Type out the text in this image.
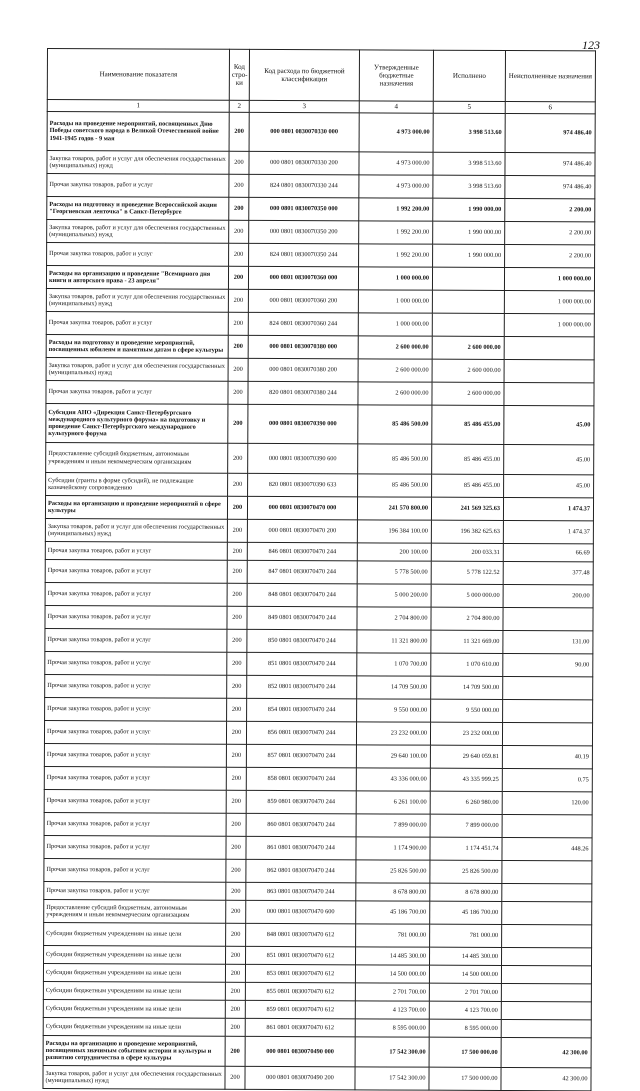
123
Наименование показателя	Код стро-ки	Код расхода по бюджетной классификации	Утвержденные бюджетные назначения	Исполнено	Неисполненные назначения
1	2	3	4	5	6
Расходы на проведение мероприятий, посвященных Дню Победы советского народа в Великой Отечественной войне 1941-1945 годов - 9 мая	200	000 0801 0830070330 000	4 973 000.00	3 998 513.60	974 486.40
Закупка товаров, работ и услуг для обеспечения государственных (муниципальных) нужд	200	000 0801 0830070330 200	4 973 000.00	3 998 513.60	974 486.40
Прочая закупка товаров, работ и услуг	200	824 0801 0830070330 244	4 973 000.00	3 998 513.60	974 486.40
Расходы на подготовку и проведение Всероссийской акции "Георгиевская ленточка" в Санкт-Петербурге	200	000 0801 0830070350 000	1 992 200.00	1 990 000.00	2 200.00
Закупка товаров, работ и услуг для обеспечения государственных (муниципальных) нужд	200	000 0801 0830070350 200	1 992 200.00	1 990 000.00	2 200.00
Прочая закупка товаров, работ и услуг	200	824 0801 0830070350 244	1 992 200.00	1 990 000.00	2 200.00
Расходы на организацию и проведение "Всемирного дня книги и авторского права - 23 апреля"	200	000 0801 0830070360 000	1 000 000.00		1 000 000.00
Закупка товаров, работ и услуг для обеспечения государственных (муниципальных) нужд	200	000 0801 0830070360 200	1 000 000.00		1 000 000.00
Прочая закупка товаров, работ и услуг	200	824 0801 0830070360 244	1 000 000.00		1 000 000.00
Расходы на подготовку и проведение мероприятий, посвященных юбилеям и памятным датам в сфере культуры	200	000 0801 0830070380 000	2 600 000.00	2 600 000.00	
Закупка товаров, работ и услуг для обеспечения государственных (муниципальных) нужд	200	000 0801 0830070380 200	2 600 000.00	2 600 000.00	
Прочая закупка товаров, работ и услуг	200	820 0801 0830070380 244	2 600 000.00	2 600 000.00	
Субсидия АНО «Дирекция Санкт-Петербургского международного культурного форума» на подготовку и проведение Санкт-Петербургского международного культурного форума	200	000 0801 0830070390 000	85 486 500.00	85 486 455.00	45.00
Предоставление субсидий бюджетным, автономным учреждениям и иным некоммерческим организациям	200	000 0801 0830070390 600	85 486 500.00	85 486 455.00	45.00
Субсидии (гранты в форме субсидий), не подлежащие казначейскому сопровождению	200	820 0801 0830070390 633	85 486 500.00	85 486 455.00	45.00
Расходы на организацию и проведение мероприятий в сфере культуры	200	000 0801 0830070470 000	241 570 800.00	241 569 325.63	1 474.37
Закупка товаров, работ и услуг для обеспечения государственных (муниципальных) нужд	200	000 0801 0830070470 200	196 384 100.00	196 382 625.63	1 474.37
Прочая закупка товаров, работ и услуг	200	846 0801 0830070470 244	200 100.00	200 033.31	66.69
Прочая закупка товаров, работ и услуг	200	847 0801 0830070470 244	5 778 500.00	5 778 122.52	377.48
Прочая закупка товаров, работ и услуг	200	848 0801 0830070470 244	5 000 200.00	5 000 000.00	200.00
Прочая закупка товаров, работ и услуг	200	849 0801 0830070470 244	2 704 800.00	2 704 800.00	
Прочая закупка товаров, работ и услуг	200	850 0801 0830070470 244	11 321 800.00	11 321 669.00	131.00
Прочая закупка товаров, работ и услуг	200	851 0801 0830070470 244	1 070 700.00	1 070 610.00	90.00
Прочая закупка товаров, работ и услуг	200	852 0801 0830070470 244	14 709 500.00	14 709 500.00	
Прочая закупка товаров, работ и услуг	200	854 0801 0830070470 244	9 550 000.00	9 550 000.00	
Прочая закупка товаров, работ и услуг	200	856 0801 0830070470 244	23 232 000.00	23 232 000.00	
Прочая закупка товаров, работ и услуг	200	857 0801 0830070470 244	29 640 100.00	29 640 059.81	40.19
Прочая закупка товаров, работ и услуг	200	858 0801 0830070470 244	43 336 000.00	43 335 999.25	0.75
Прочая закупка товаров, работ и услуг	200	859 0801 0830070470 244	6 261 100.00	6 260 980.00	120.00
Прочая закупка товаров, работ и услуг	200	860 0801 0830070470 244	7 899 000.00	7 899 000.00	
Прочая закупка товаров, работ и услуг	200	861 0801 0830070470 244	1 174 900.00	1 174 451.74	448.26
Прочая закупка товаров, работ и услуг	200	862 0801 0830070470 244	25 826 500.00	25 826 500.00	
Прочая закупка товаров, работ и услуг	200	863 0801 0830070470 244	8 678 800.00	8 678 800.00	
Предоставление субсидий бюджетным, автономным учреждениям и иным некоммерческим организациям	200	000 0801 0830070470 600	45 186 700.00	45 186 700.00	
Субсидии бюджетным учреждениям на иные цели	200	848 0801 0830070470 612	781 000.00	781 000.00	
Субсидии бюджетным учреждениям на иные цели	200	851 0801 0830070470 612	14 485 300.00	14 485 300.00	
Субсидии бюджетным учреждениям на иные цели	200	853 0801 0830070470 612	14 500 000.00	14 500 000.00	
Субсидии бюджетным учреждениям на иные цели	200	855 0801 0830070470 612	2 701 700.00	2 701 700.00	
Субсидии бюджетным учреждениям на иные цели	200	859 0801 0830070470 612	4 123 700.00	4 123 700.00	
Субсидии бюджетным учреждениям на иные цели	200	861 0801 0830070470 612	8 595 000.00	8 595 000.00	
Расходы на организацию и проведение мероприятий, посвященных значимым событиям истории и культуры и развитию сотрудничества в сфере культуры	200	000 0801 0830070490 000	17 542 300.00	17 500 000.00	42 300.00
Закупка товаров, работ и услуг для обеспечения государственных (муниципальных) нужд	200	000 0801 0830070490 200	17 542 300.00	17 500 000.00	42 300.00
